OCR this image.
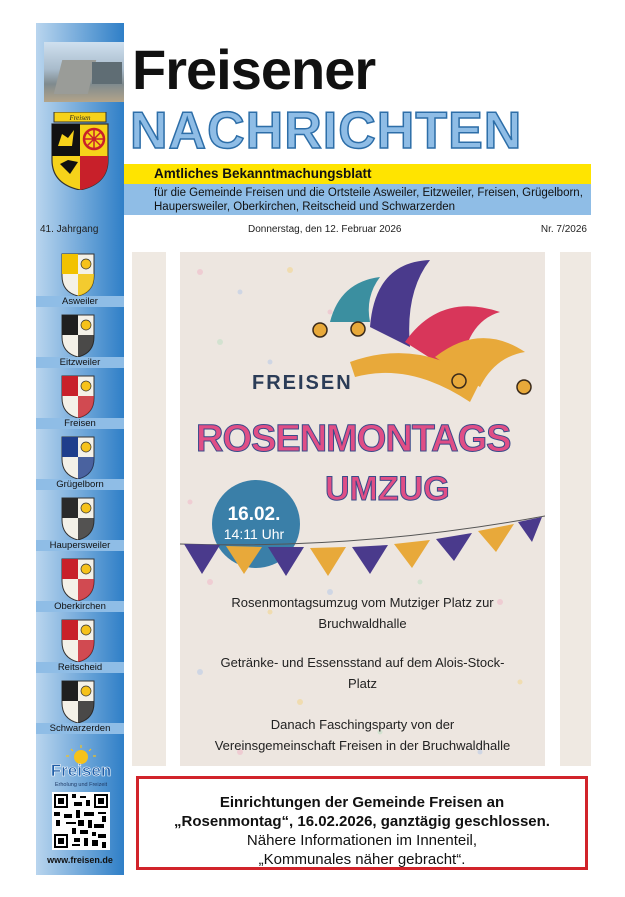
Freisen
Freisener
NACHRICHTEN
Amtliches Bekanntmachungsblatt
für die Gemeinde Freisen und die Ortsteile Asweiler, Eitzweiler, Freisen, Grügelborn, Haupersweiler, Oberkirchen, Reitscheid und Schwarzerden
41. Jahrgang	Donnerstag, den 12. Februar 2026	Nr. 7/2026
Asweiler
Eitzweiler
Freisen
Grügelborn
Haupersweiler
Oberkirchen
Reitscheid
Schwarzerden
Freisen
Erholung und Freizeit
www.freisen.de
FREISEN
ROSENMONTAGS
UMZUG
16.02.
14:11 Uhr
Rosenmontagsumzug vom Mutziger Platz zur
Bruchwaldhalle
Getränke- und Essensstand auf dem Alois-Stock-
Platz
Danach Faschingsparty von der
Vereinsgemeinschaft Freisen in der Bruchwaldhalle
Einrichtungen der Gemeinde Freisen an
„Rosenmontag“, 16.02.2026, ganztägig geschlossen.
Nähere Informationen im Innenteil,
„Kommunales näher gebracht“.
